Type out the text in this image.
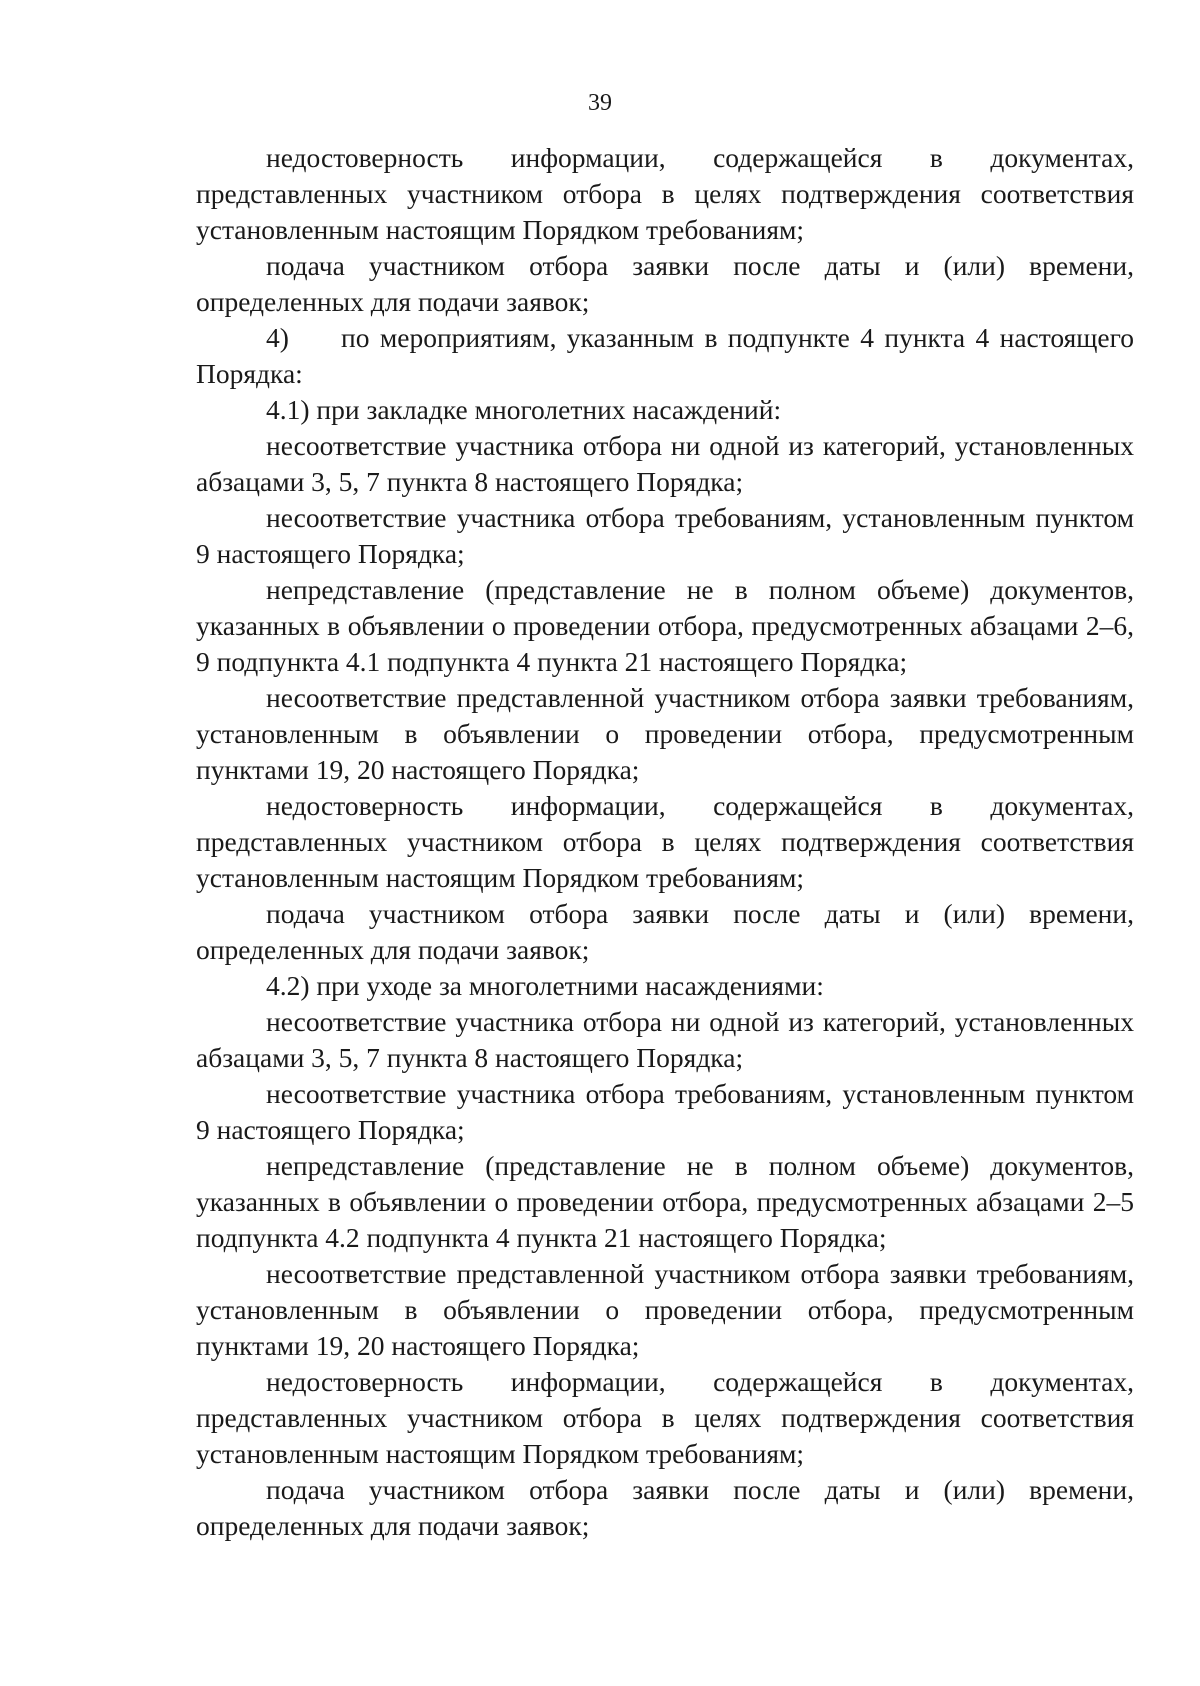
39

недостоверность информации, содержащейся в документах, представленных участником отбора в целях подтверждения соответствия установленным настоящим Порядком требованиям;

подача участником отбора заявки после даты и (или) времени, определенных для подачи заявок;

4) по мероприятиям, указанным в подпункте 4 пункта 4 настоящего Порядка:

4.1) при закладке многолетних насаждений:

несоответствие участника отбора ни одной из категорий, установленных абзацами 3, 5, 7 пункта 8 настоящего Порядка;

несоответствие участника отбора требованиям, установленным пунктом 9 настоящего Порядка;

непредставление (представление не в полном объеме) документов, указанных в объявлении о проведении отбора, предусмотренных абзацами 2–6, 9 подпункта 4.1 подпункта 4 пункта 21 настоящего Порядка;

несоответствие представленной участником отбора заявки требованиям, установленным в объявлении о проведении отбора, предусмотренным пунктами 19, 20 настоящего Порядка;

недостоверность информации, содержащейся в документах, представленных участником отбора в целях подтверждения соответствия установленным настоящим Порядком требованиям;

подача участником отбора заявки после даты и (или) времени, определенных для подачи заявок;

4.2) при уходе за многолетними насаждениями:

несоответствие участника отбора ни одной из категорий, установленных абзацами 3, 5, 7 пункта 8 настоящего Порядка;

несоответствие участника отбора требованиям, установленным пунктом 9 настоящего Порядка;

непредставление (представление не в полном объеме) документов, указанных в объявлении о проведении отбора, предусмотренных абзацами 2–5 подпункта 4.2 подпункта 4 пункта 21 настоящего Порядка;

несоответствие представленной участником отбора заявки требованиям, установленным в объявлении о проведении отбора, предусмотренным пунктами 19, 20 настоящего Порядка;

недостоверность информации, содержащейся в документах, представленных участником отбора в целях подтверждения соответствия установленным настоящим Порядком требованиям;

подача участником отбора заявки после даты и (или) времени, определенных для подачи заявок;
